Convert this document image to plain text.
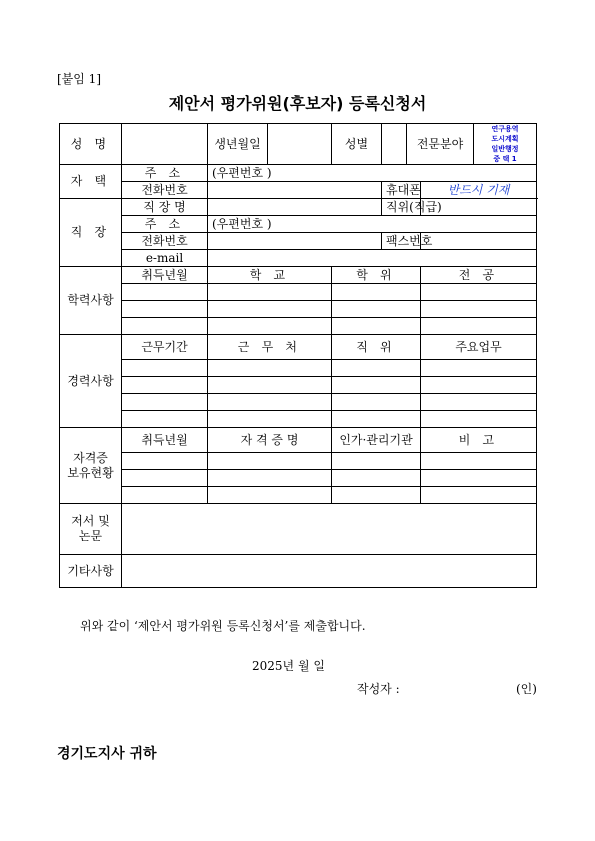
[붙임 1]
제안서 평가위원(후보자) 등록신청서
성 명		생년월일		성별		전문분야		연구용역
도시계획
일반행정
중 택 1

자 택	주 소	(우편번호 )						
	전화번호				휴대폰		반드시 기재	
직 장	직 장 명				직위(직급)			
	주 소	(우편번호 )						
	전화번호				팩스번호			
	e-mail							
학력사항	취득년월	학 교		학 위			전 공	

경력사항	근무기간	근 무 처		직 위			주요업무	

자격증
보유현황	취득년월	자 격 증 명		인가·관리기관			비 고	

저서 및
논문								

기타사항								
위와 같이 ‘제안서 평가위원 등록신청서’를 제출합니다.
2025년 월 일
작성자 :	(인)
경기도지사 귀하
